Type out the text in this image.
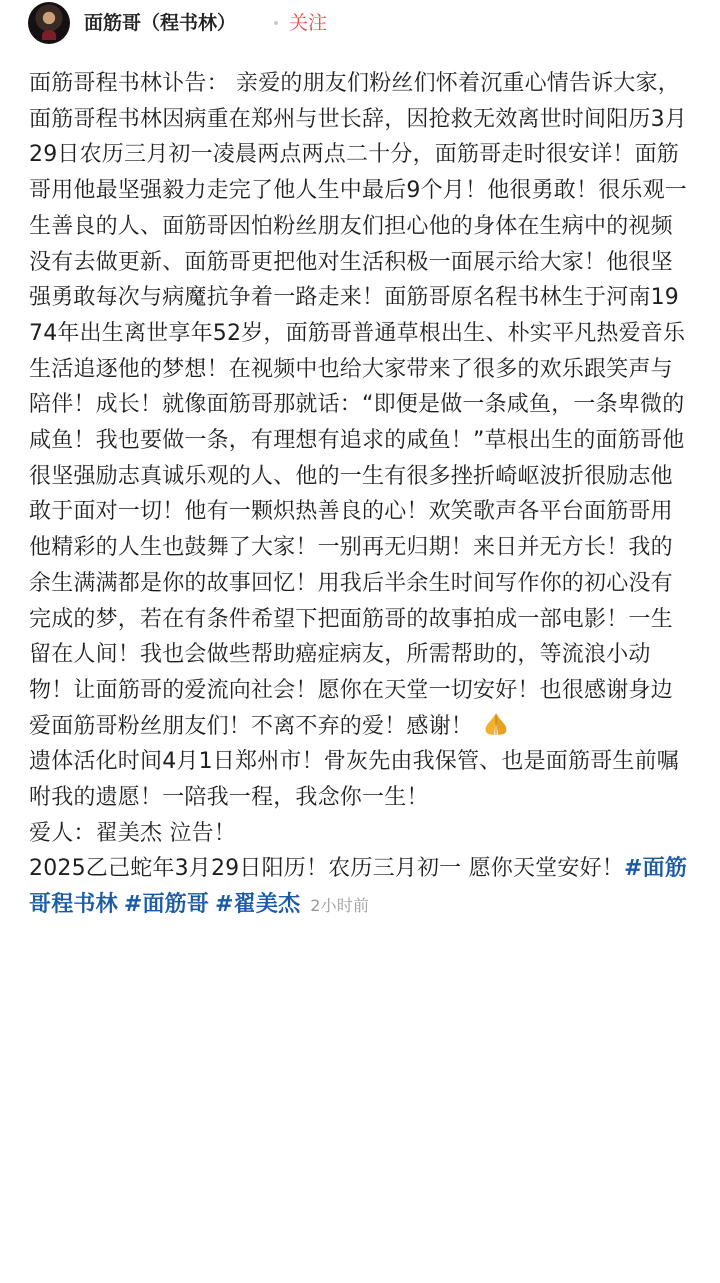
面筋哥（程书林）	关注

面筋哥程书林讣告： 亲爱的朋友们粉丝们怀着沉重心情告诉大家，面筋哥程书林因病重在郑州与世长辞，因抢救无效离世时间阳历3月29日农历三月初一凌晨两点两点二十分，面筋哥走时很安详！面筋哥用他最坚强毅力走完了他人生中最后9个月！他很勇敢！很乐观一生善良的人、面筋哥因怕粉丝朋友们担心他的身体在生病中的视频没有去做更新、面筋哥更把他对生活积极一面展示给大家！他很坚强勇敢每次与病魔抗争着一路走来！面筋哥原名程书林生于河南1974年出生离世享年52岁，面筋哥普通草根出生、朴实平凡热爱音乐生活追逐他的梦想！在视频中也给大家带来了很多的欢乐跟笑声与陪伴！成长！就像面筋哥那就话：“即便是做一条咸鱼，一条卑微的咸鱼！我也要做一条，有理想有追求的咸鱼！”草根出生的面筋哥他很坚强励志真诚乐观的人、他的一生有很多挫折崎岖波折很励志他敢于面对一切！他有一颗炽热善良的心！欢笑歌声各平台面筋哥用他精彩的人生也鼓舞了大家！一别再无归期！来日并无方长！我的余生满满都是你的故事回忆！用我后半余生时间写作你的初心没有完成的梦，若在有条件希望下把面筋哥的故事拍成一部电影！一生留在人间！我也会做些帮助癌症病友，所需帮助的，等流浪小动物！让面筋哥的爱流向社会！愿你在天堂一切安好！也很感谢身边爱面筋哥粉丝朋友们！不离不弃的爱！感谢！

遗体活化时间4月1日郑州市！骨灰先由我保管、也是面筋哥生前嘱咐我的遗愿！一陪我一程，我念你一生！

爱人：翟美杰 泣告！

2025乙己蛇年3月29日阳历！农历三月初一 愿你天堂安好！#面筋哥程书林 #面筋哥 #翟美杰 2小时前
